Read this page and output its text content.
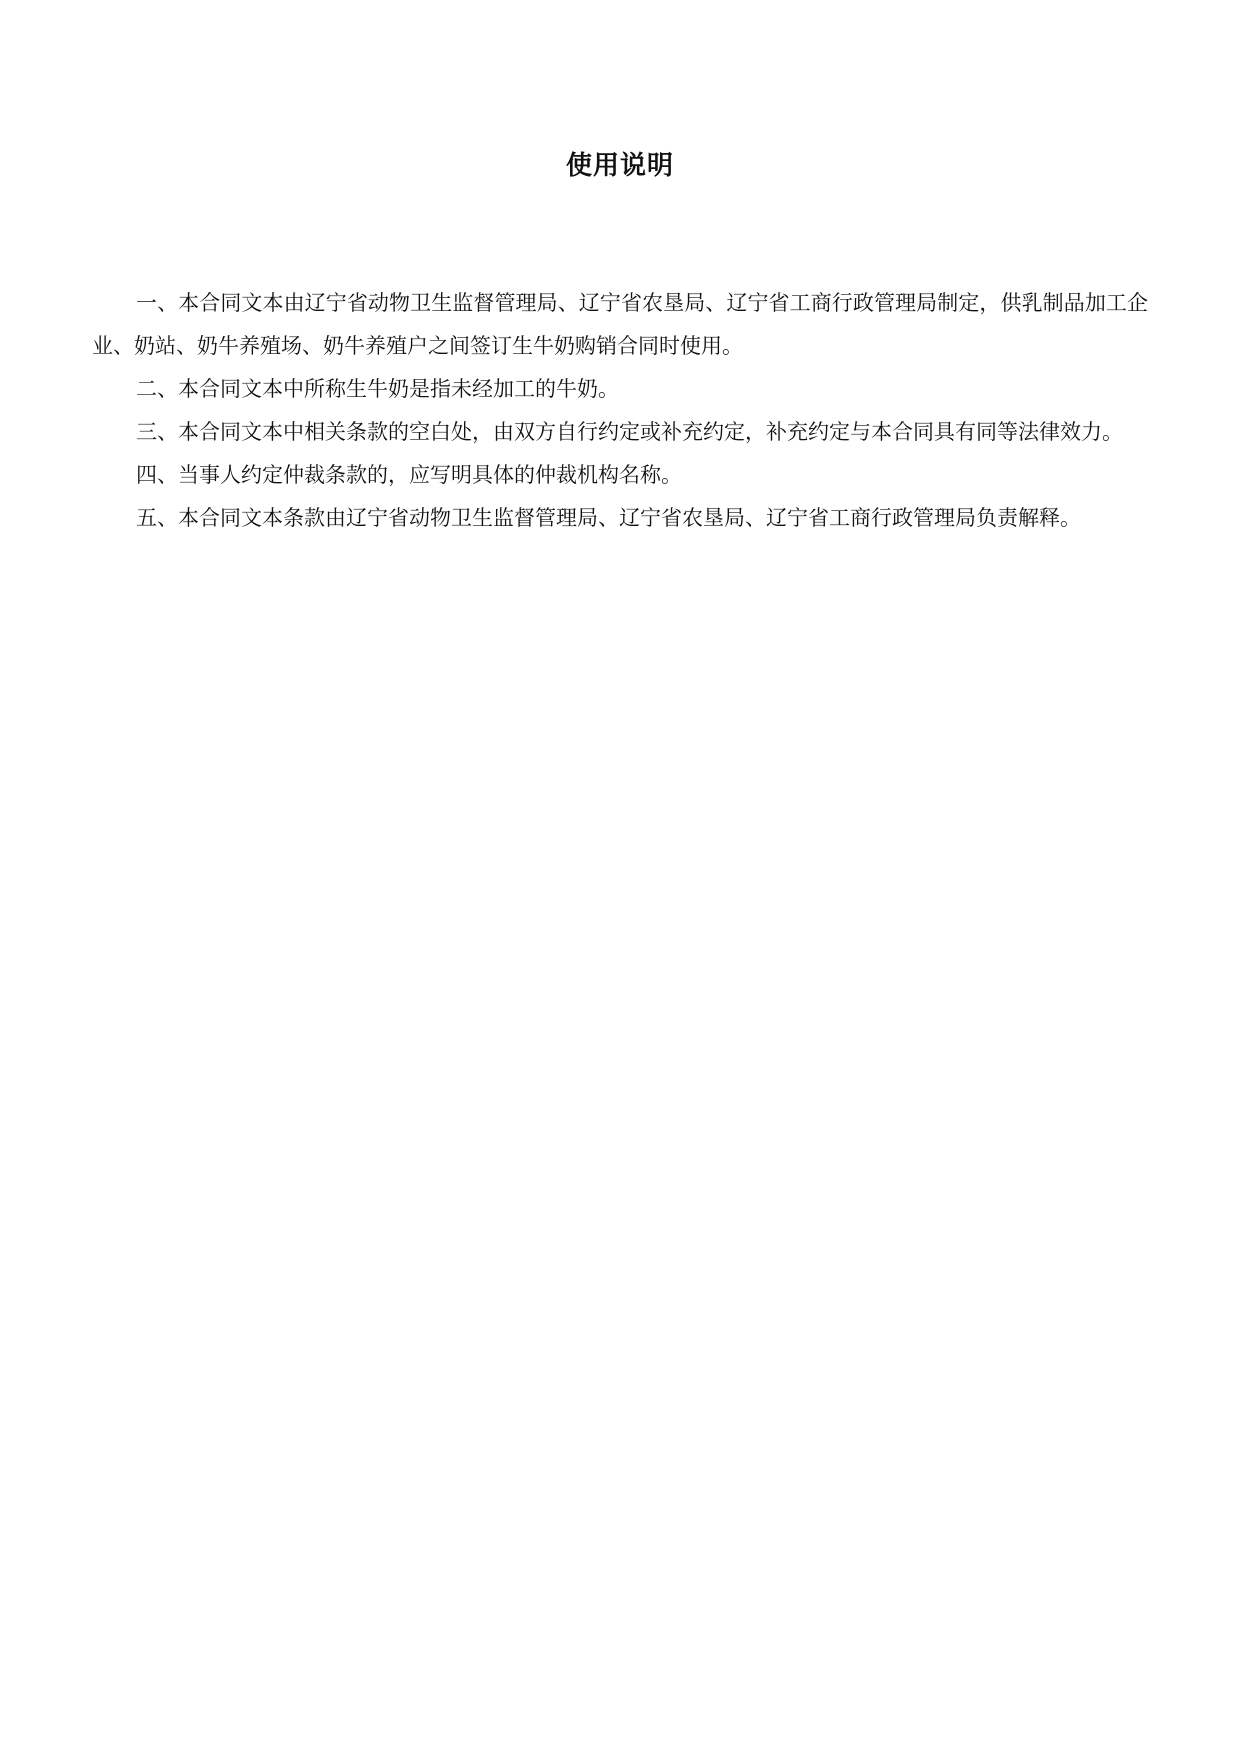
使用说明

一、本合同文本由辽宁省动物卫生监督管理局、辽宁省农垦局、辽宁省工商行政管理局制定，供乳制品加工企业、奶站、奶牛养殖场、奶牛养殖户之间签订生牛奶购销合同时使用。

二、本合同文本中所称生牛奶是指未经加工的牛奶。

三、本合同文本中相关条款的空白处，由双方自行约定或补充约定，补充约定与本合同具有同等法律效力。

四、当事人约定仲裁条款的，应写明具体的仲裁机构名称。

五、本合同文本条款由辽宁省动物卫生监督管理局、辽宁省农垦局、辽宁省工商行政管理局负责解释。
